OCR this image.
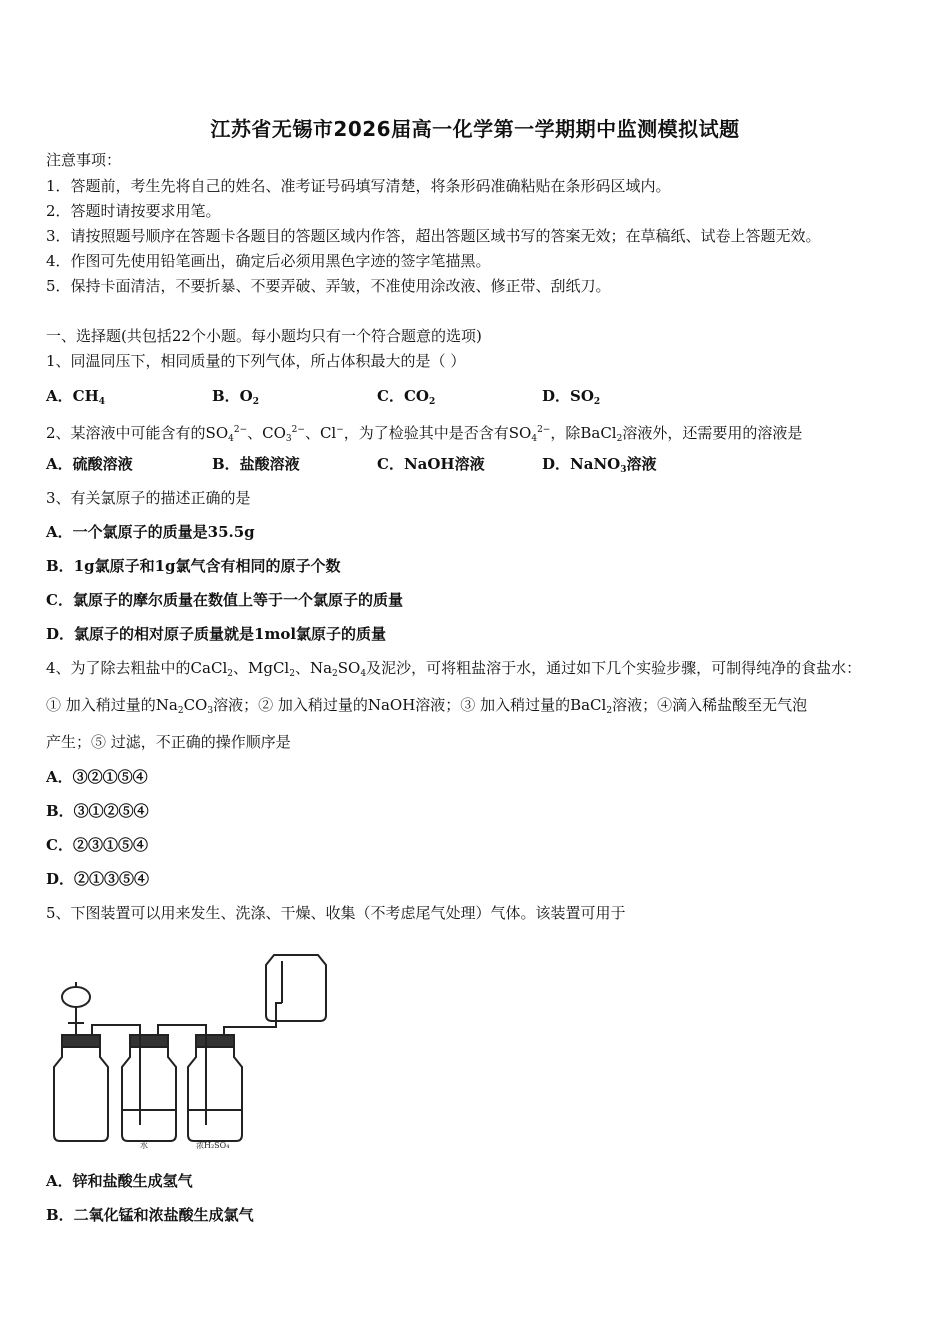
江苏省无锡市2026届高一化学第一学期期中监测模拟试题
注意事项：
1．答题前，考生先将自己的姓名、准考证号码填写清楚，将条形码准确粘贴在条形码区域内。
2．答题时请按要求用笔。
3．请按照题号顺序在答题卡各题目的答题区域内作答，超出答题区域书写的答案无效；在草稿纸、试卷上答题无效。
4．作图可先使用铅笔画出，确定后必须用黑色字迹的签字笔描黑。
5．保持卡面清洁，不要折暴、不要弄破、弄皱，不准使用涂改液、修正带、刮纸刀。
一、选择题(共包括22个小题。每小题均只有一个符合题意的选项)
1、同温同压下，相同质量的下列气体，所占体积最大的是（ ）
A．$CH_4$	B．$O_2$	C．$CO_2$	D．$SO_2$
2、某溶液中可能含有的$SO_4^{2-}$、$CO_3^{2-}$、Cl−，为了检验其中是否含有$SO_4^{2-}$，除BaCl$_2$溶液外，还需要用的溶液是
A．硫酸溶液	B．盐酸溶液	C．NaOH溶液	D．NaNO$_3$溶液
3、有关氯原子的描述正确的是
A．一个氯原子的质量是35.5g
B．1g氯原子和1g氯气含有相同的原子个数
C．氯原子的摩尔质量在数值上等于一个氯原子的质量
D．氯原子的相对原子质量就是1mol氯原子的质量
4、为了除去粗盐中的CaCl$_2$、MgCl$_2$、$Na_2SO_4$及泥沙，可将粗盐溶于水，通过如下几个实验步骤，可制得纯净的食盐水：
① 加入稍过量的$Na_2CO_3$溶液；② 加入稍过量的NaOH溶液；③ 加入稍过量的BaCl$_2$溶液；④滴入稀盐酸至无气泡
产生；⑤ 过滤，不正确的操作顺序是
A．③②①⑤④
B．③①②⑤④
C．②③①⑤④
D．②①③⑤④
5、下图装置可以用来发生、洗涤、干燥、收集（不考虑尾气处理）气体。该装置可用于
水	浓H₂SO₄
A．锌和盐酸生成氢气
B．二氧化锰和浓盐酸生成氯气
